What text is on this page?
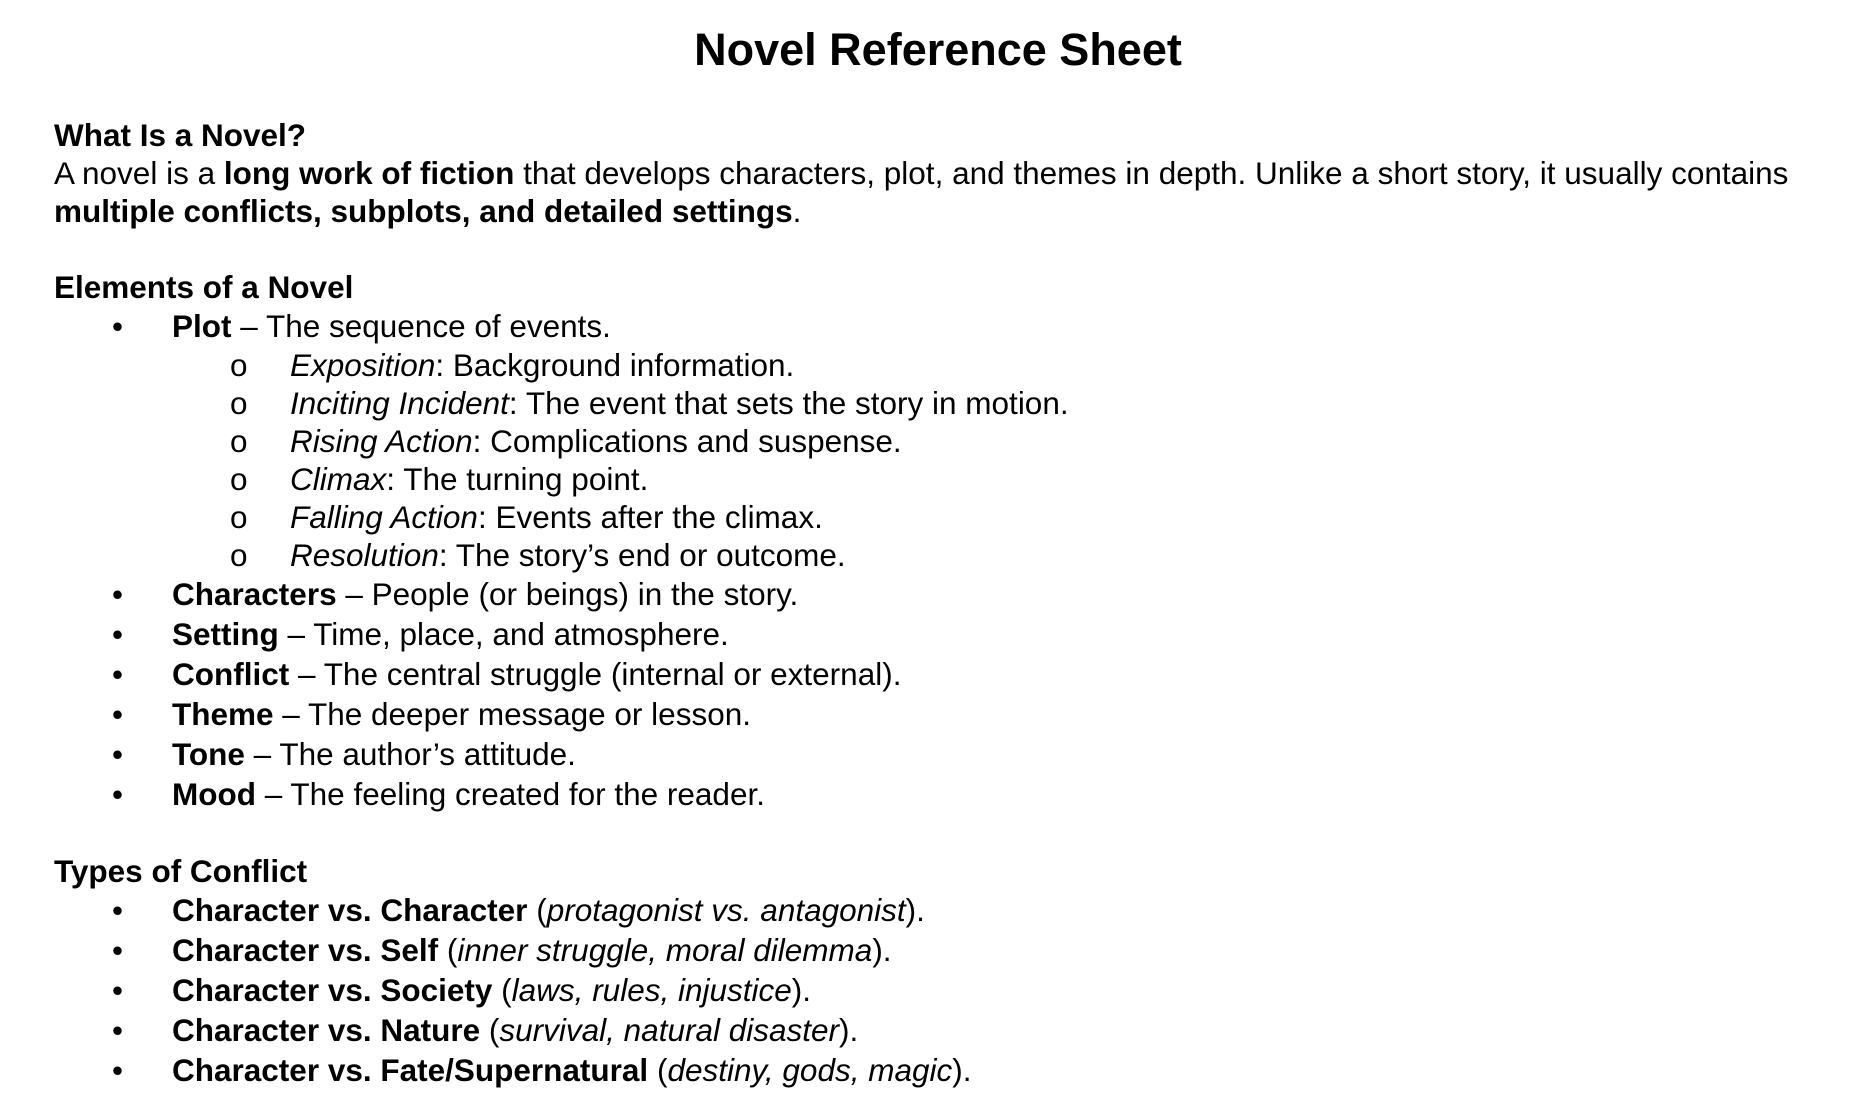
Novel Reference Sheet

What Is a Novel?

A novel is a long work of fiction that develops characters, plot, and themes in depth. Unlike a short story, it usually contains multiple conflicts, subplots, and detailed settings.

Elements of a Novel

•	Plot – The sequence of events.
o Exposition: Background information.
o Inciting Incident: The event that sets the story in motion.
o Rising Action: Complications and suspense.
o Climax: The turning point.
o Falling Action: Events after the climax.
o Resolution: The story’s end or outcome.
•	Characters – People (or beings) in the story.
•	Setting – Time, place, and atmosphere.
•	Conflict – The central struggle (internal or external).
•	Theme – The deeper message or lesson.
•	Tone – The author’s attitude.
•	Mood – The feeling created for the reader.

Types of Conflict

•	Character vs. Character (protagonist vs. antagonist).
•	Character vs. Self (inner struggle, moral dilemma).
•	Character vs. Society (laws, rules, injustice).
•	Character vs. Nature (survival, natural disaster).
•	Character vs. Fate/Supernatural (destiny, gods, magic).
